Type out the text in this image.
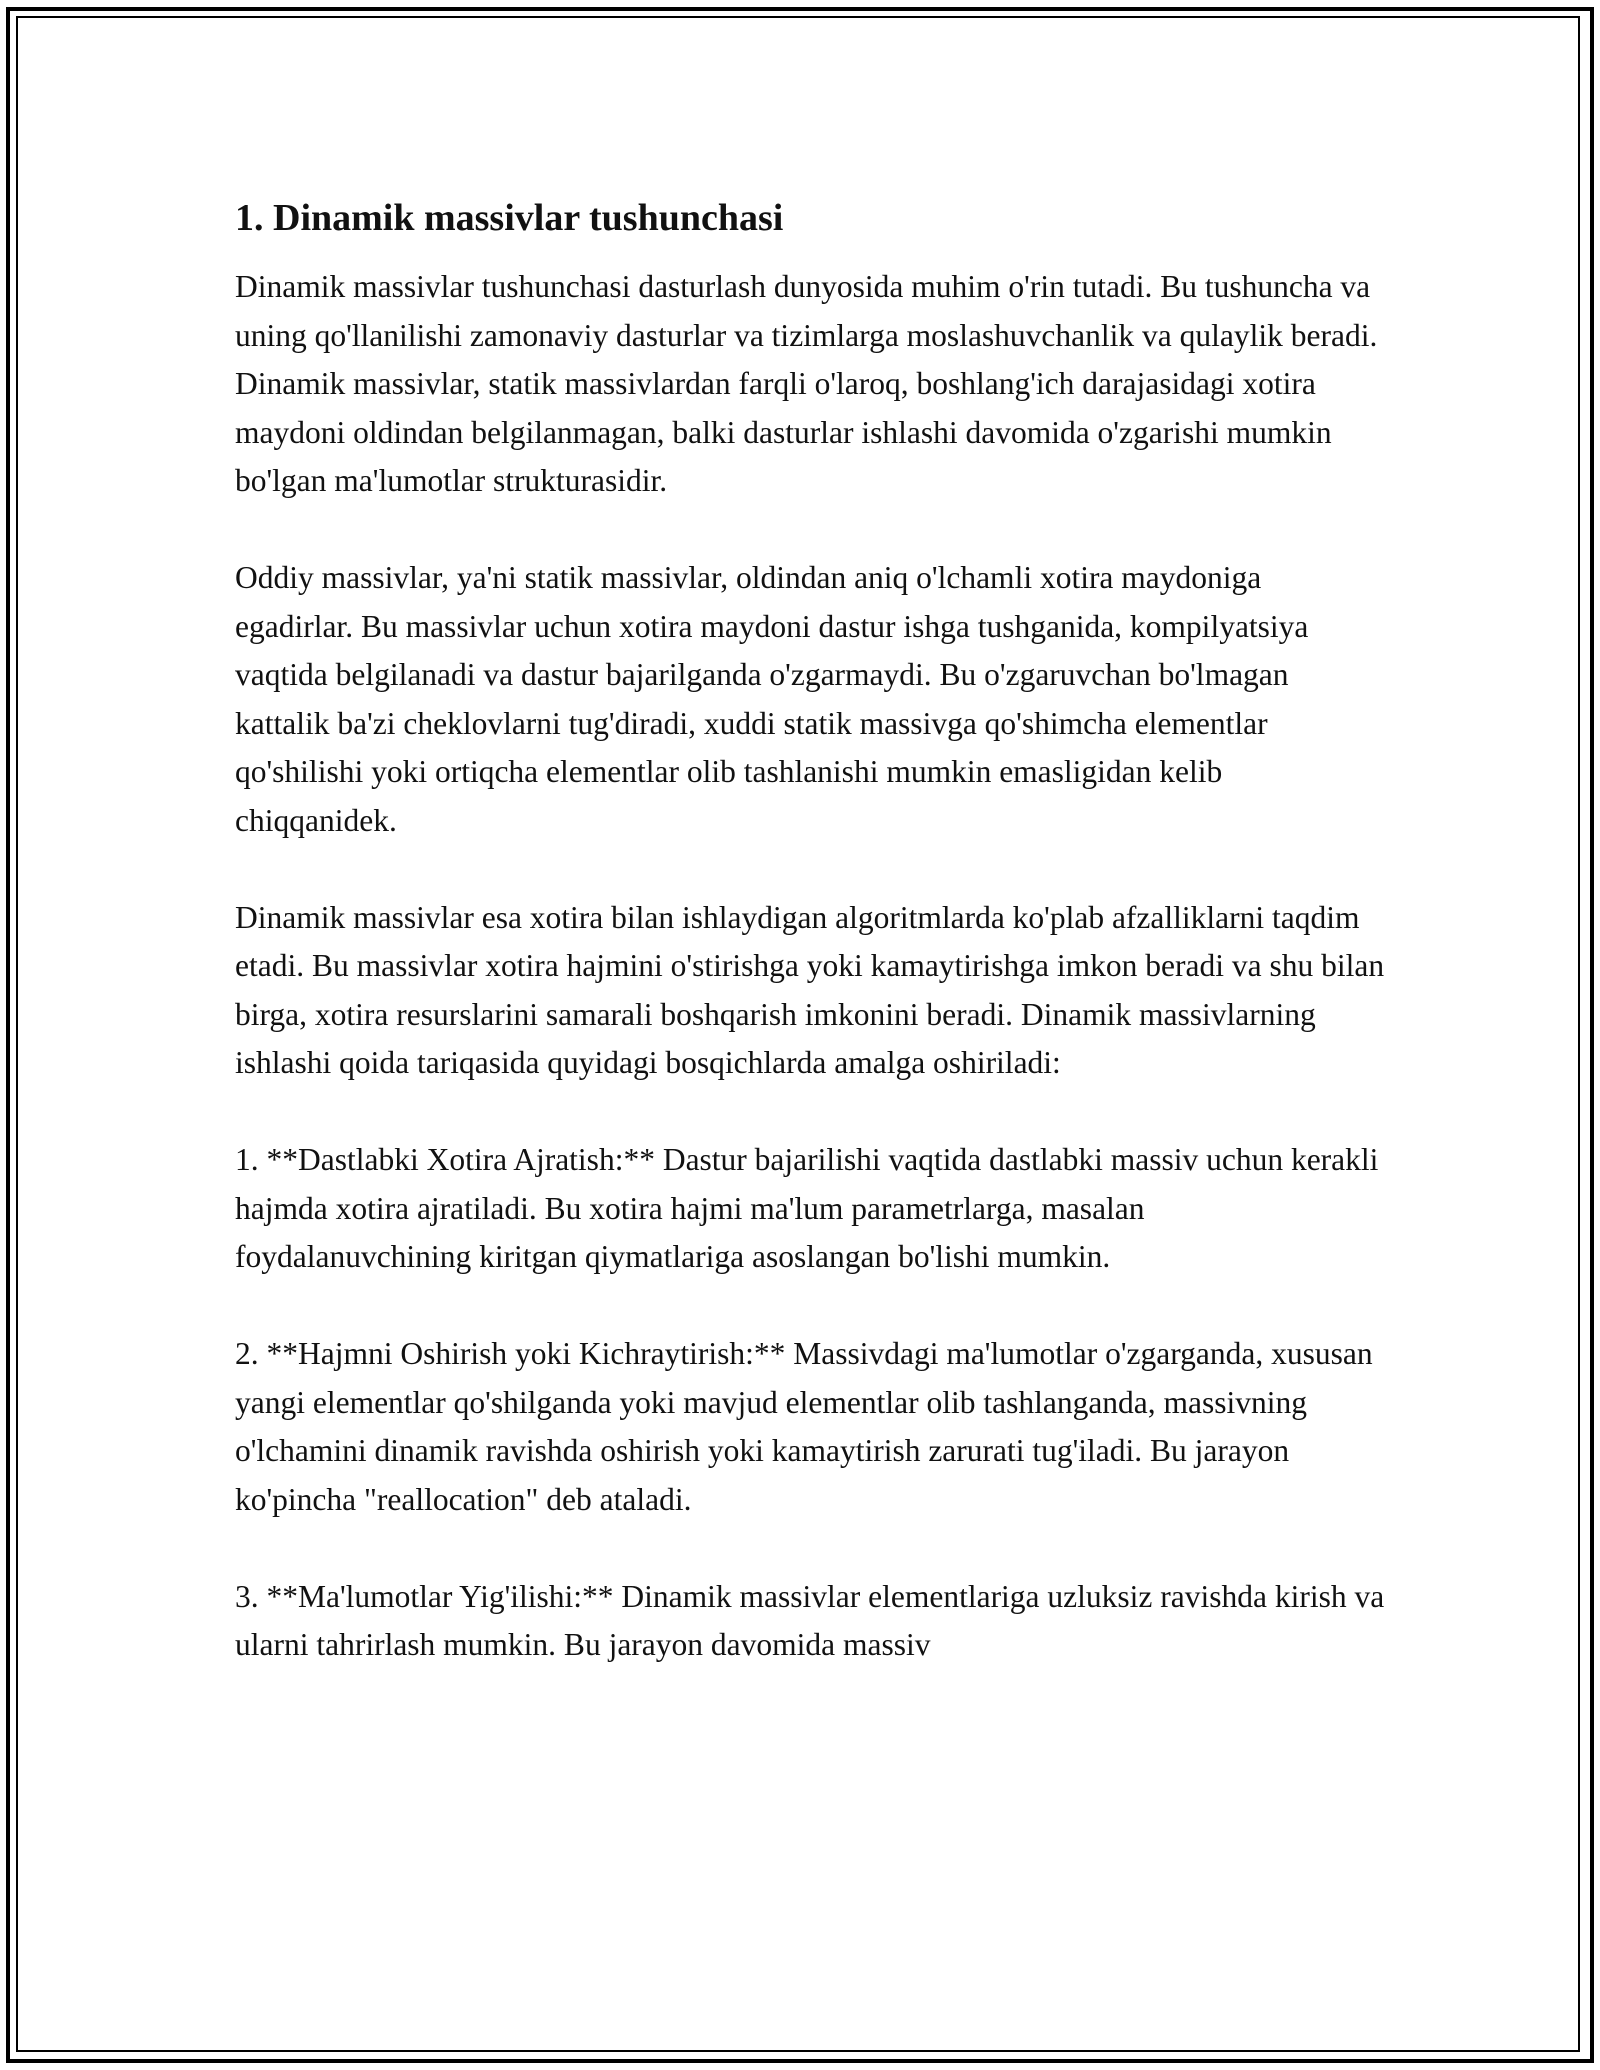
1. Dinamik massivlar tushunchasi

Dinamik massivlar tushunchasi dasturlash dunyosida muhim o'rin tutadi. Bu tushuncha va uning qo'llanilishi zamonaviy dasturlar va tizimlarga moslashuvchanlik va qulaylik beradi. Dinamik massivlar, statik massivlardan farqli o'laroq, boshlang'ich darajasidagi xotira maydoni oldindan belgilanmagan, balki dasturlar ishlashi davomida o'zgarishi mumkin bo'lgan ma'lumotlar strukturasidir.

Oddiy massivlar, ya'ni statik massivlar, oldindan aniq o'lchamli xotira maydoniga egadirlar. Bu massivlar uchun xotira maydoni dastur ishga tushganida, kompilyatsiya vaqtida belgilanadi va dastur bajarilganda o'zgarmaydi. Bu o'zgaruvchan bo'lmagan kattalik ba'zi cheklovlarni tug'diradi, xuddi statik massivga qo'shimcha elementlar qo'shilishi yoki ortiqcha elementlar olib tashlanishi mumkin emasligidan kelib chiqqanidek.

Dinamik massivlar esa xotira bilan ishlaydigan algoritmlarda ko'plab afzalliklarni taqdim etadi. Bu massivlar xotira hajmini o'stirishga yoki kamaytirishga imkon beradi va shu bilan birga, xotira resurslarini samarali boshqarish imkonini beradi. Dinamik massivlarning ishlashi qoida tariqasida quyidagi bosqichlarda amalga oshiriladi:

1. **Dastlabki Xotira Ajratish:** Dastur bajarilishi vaqtida dastlabki massiv uchun kerakli hajmda xotira ajratiladi. Bu xotira hajmi ma'lum parametrlarga, masalan foydalanuvchining kiritgan qiymatlariga asoslangan bo'lishi mumkin.

2. **Hajmni Oshirish yoki Kichraytirish:** Massivdagi ma'lumotlar o'zgarganda, xususan yangi elementlar qo'shilganda yoki mavjud elementlar olib tashlanganda, massivning o'lchamini dinamik ravishda oshirish yoki kamaytirish zarurati tug'iladi. Bu jarayon ko'pincha "reallocation" deb ataladi.

3. **Ma'lumotlar Yig'ilishi:** Dinamik massivlar elementlariga uzluksiz ravishda kirish va ularni tahrirlash mumkin. Bu jarayon davomida massiv
